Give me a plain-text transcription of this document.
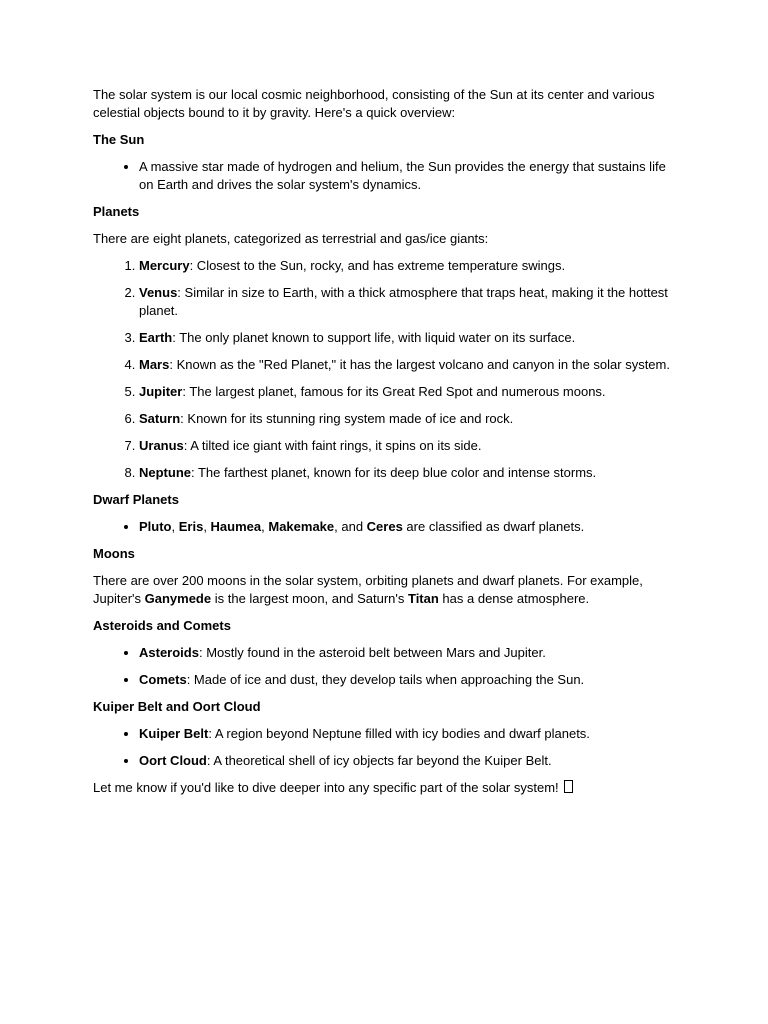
The solar system is our local cosmic neighborhood, consisting of the Sun at its center and various celestial objects bound to it by gravity. Here's a quick overview:

The Sun
• A massive star made of hydrogen and helium, the Sun provides the energy that sustains life on Earth and drives the solar system's dynamics.
Planets

There are eight planets, categorized as terrestrial and gas/ice giants:

1. Mercury: Closest to the Sun, rocky, and has extreme temperature swings.
2. Venus: Similar in size to Earth, with a thick atmosphere that traps heat, making it the hottest planet.
3. Earth: The only planet known to support life, with liquid water on its surface.
4. Mars: Known as the "Red Planet," it has the largest volcano and canyon in the solar system.
5. Jupiter: The largest planet, famous for its Great Red Spot and numerous moons.
6. Saturn: Known for its stunning ring system made of ice and rock.
7. Uranus: A tilted ice giant with faint rings, it spins on its side.
8. Neptune: The farthest planet, known for its deep blue color and intense storms.
Dwarf Planets
• Pluto, Eris, Haumea, Makemake, and Ceres are classified as dwarf planets.
Moons

There are over 200 moons in the solar system, orbiting planets and dwarf planets. For example, Jupiter's Ganymede is the largest moon, and Saturn's Titan has a dense atmosphere.

Asteroids and Comets
• Asteroids: Mostly found in the asteroid belt between Mars and Jupiter.
• Comets: Made of ice and dust, they develop tails when approaching the Sun.
Kuiper Belt and Oort Cloud
• Kuiper Belt: A region beyond Neptune filled with icy bodies and dwarf planets.
• Oort Cloud: A theoretical shell of icy objects far beyond the Kuiper Belt.

Let me know if you'd like to dive deeper into any specific part of the solar system!
